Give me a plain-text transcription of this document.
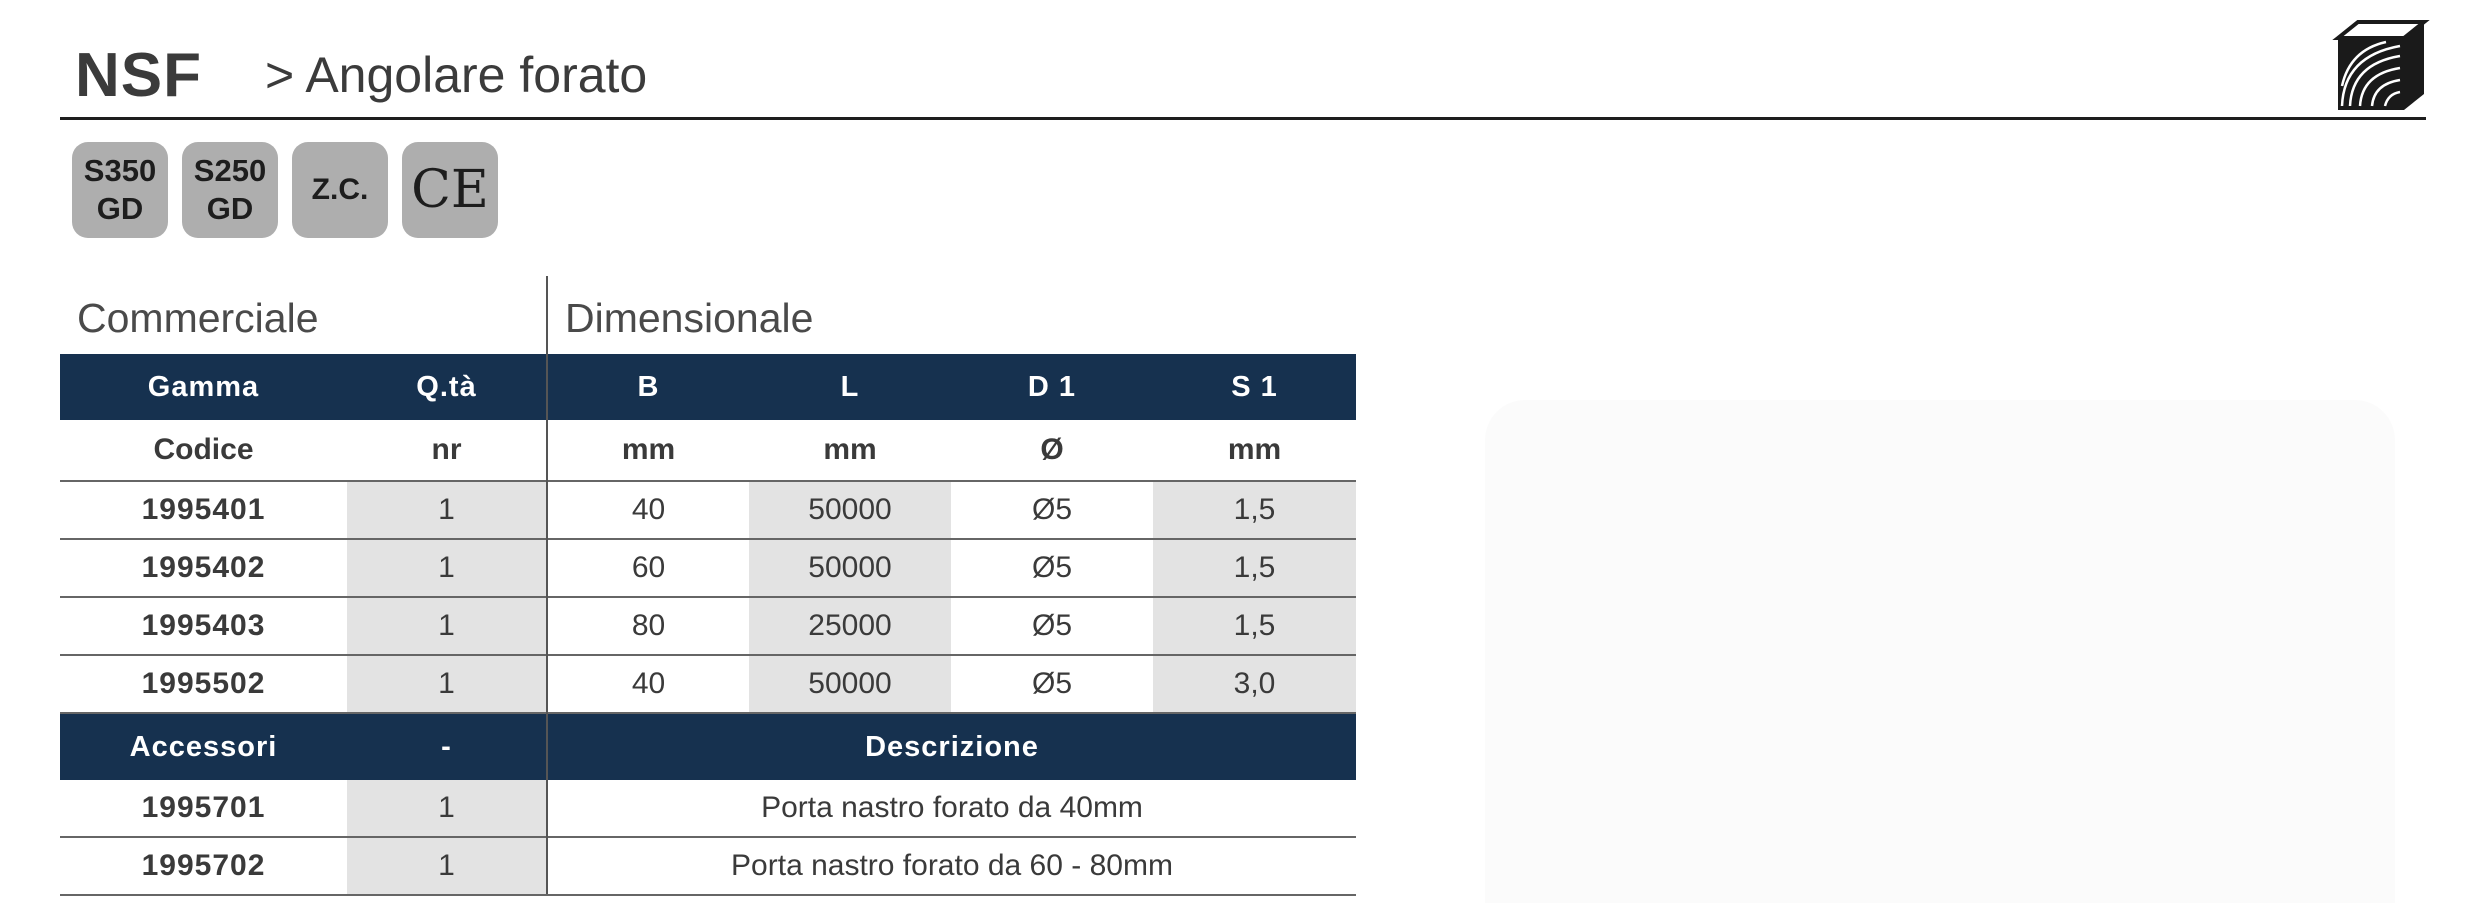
NSF > Angolare forato
S350
GD
S250
GD
Z.C. CE
Commerciale	Dimensionale
Gamma	Q.tà	B	L	D 1	S 1
Codice	nr	mm	mm	Ø	mm
1995401	1	40	50000	Ø5	1,5
1995402	1	60	50000	Ø5	1,5
1995403	1	80	25000	Ø5	1,5
1995502	1	40	50000	Ø5	3,0
Accessori	-	Descrizione			
1995701	1	Porta nastro forato da 40mm			
1995702	1	Porta nastro forato da 60 - 80mm			
